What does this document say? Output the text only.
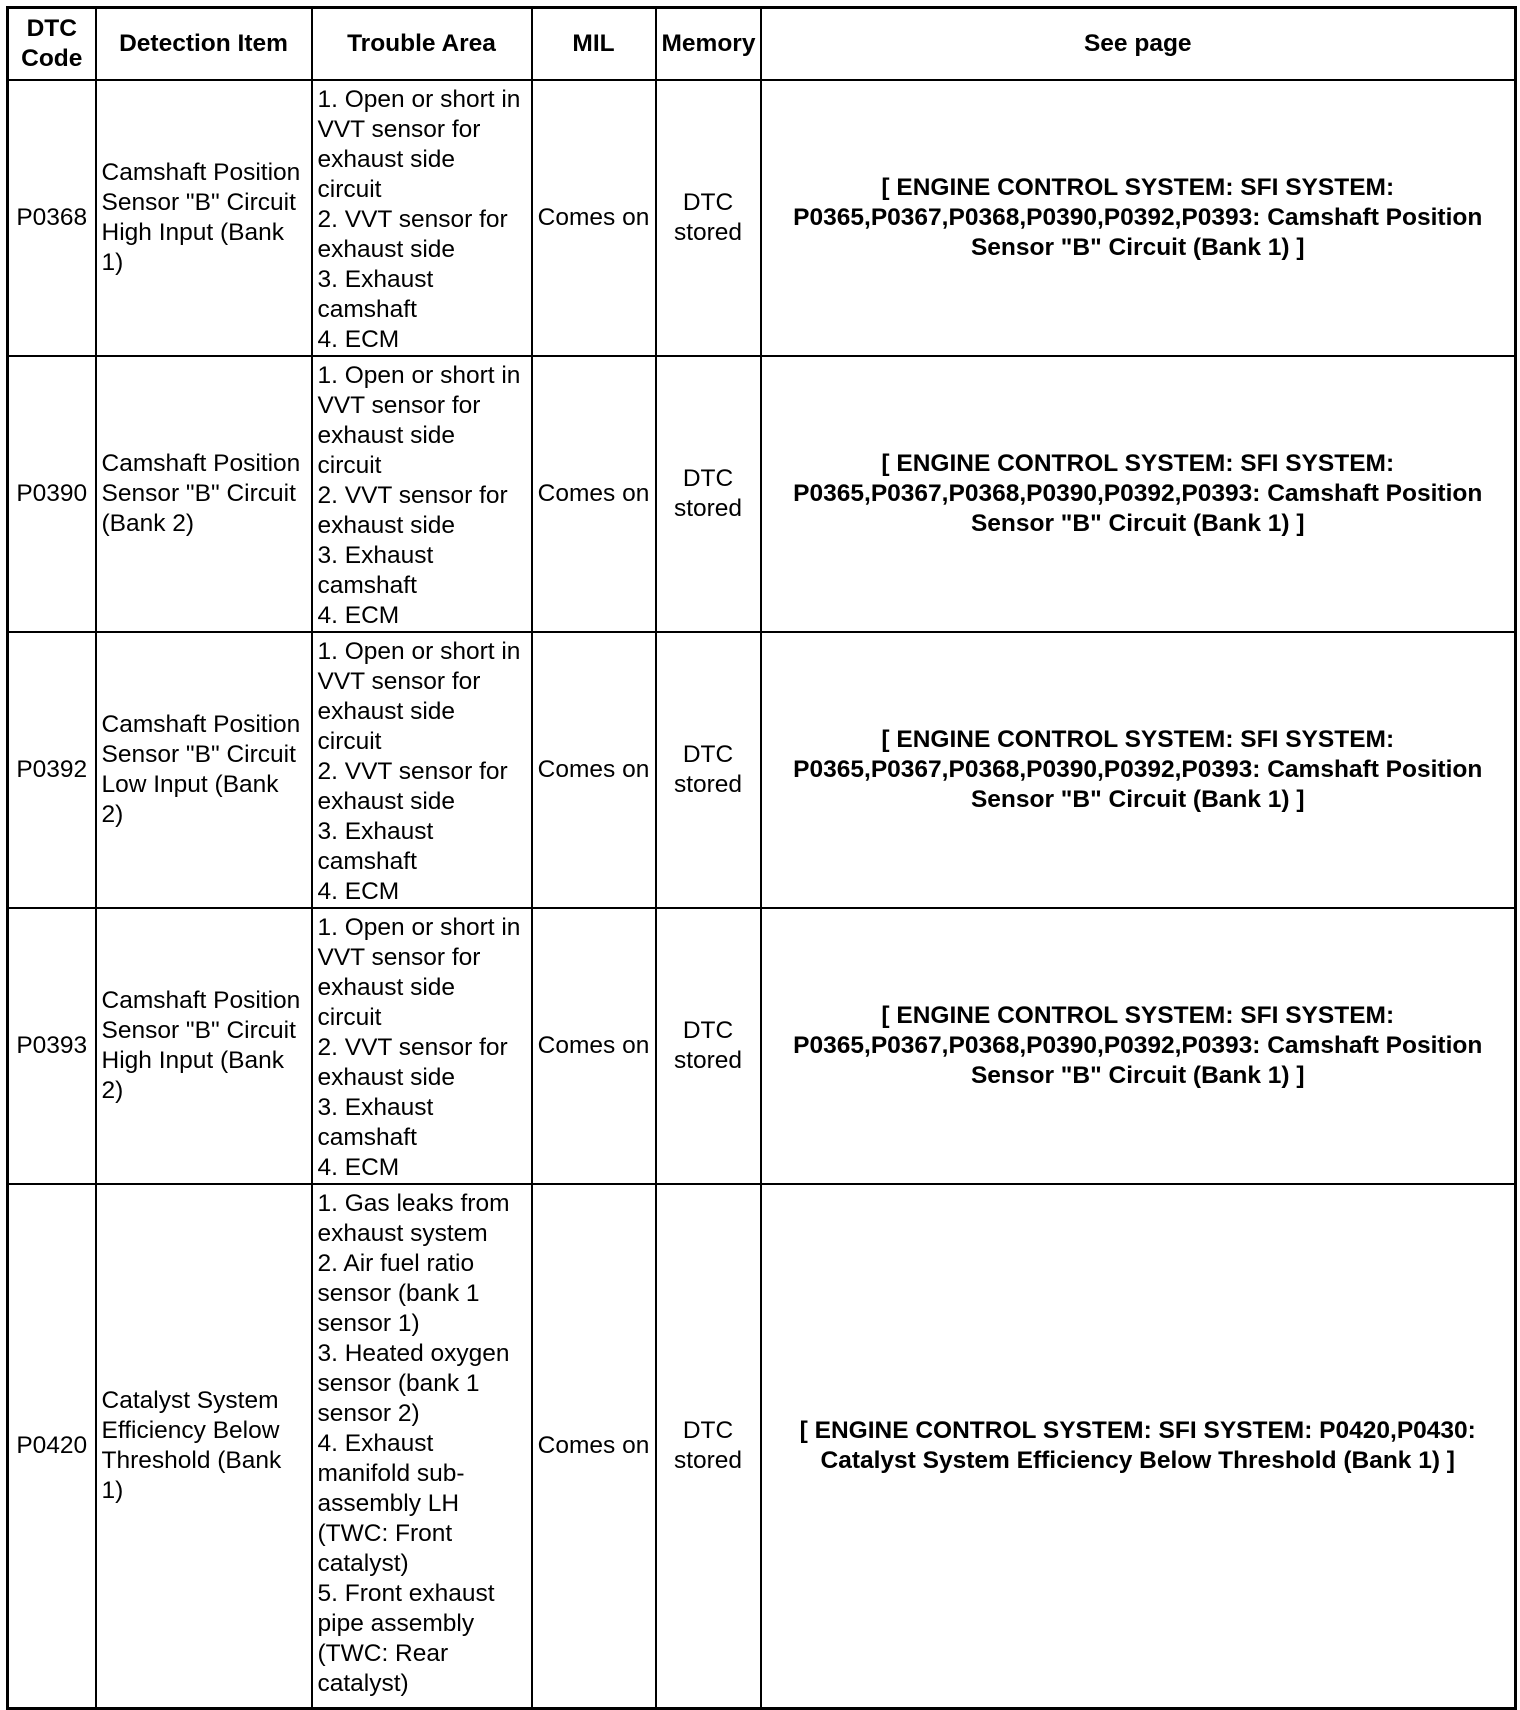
DTC
Code	Detection Item	Trouble Area	MIL	Memory	See page
P0368	Camshaft Position Sensor "B" Circuit High Input (Bank 1)	1. Open or short in VVT sensor for exhaust side circuit
2. VVT sensor for exhaust side
3. Exhaust camshaft
4. ECM	Comes on	DTC stored	[ ENGINE CONTROL SYSTEM: SFI SYSTEM: P0365,P0367,P0368,P0390,P0392,P0393: Camshaft Position Sensor "B" Circuit (Bank 1) ]
P0390	Camshaft Position Sensor "B" Circuit (Bank 2)	1. Open or short in VVT sensor for exhaust side circuit
2. VVT sensor for exhaust side
3. Exhaust camshaft
4. ECM	Comes on	DTC stored	[ ENGINE CONTROL SYSTEM: SFI SYSTEM: P0365,P0367,P0368,P0390,P0392,P0393: Camshaft Position Sensor "B" Circuit (Bank 1) ]
P0392	Camshaft Position Sensor "B" Circuit Low Input (Bank 2)	1. Open or short in VVT sensor for exhaust side circuit
2. VVT sensor for exhaust side
3. Exhaust camshaft
4. ECM	Comes on	DTC stored	[ ENGINE CONTROL SYSTEM: SFI SYSTEM: P0365,P0367,P0368,P0390,P0392,P0393: Camshaft Position Sensor "B" Circuit (Bank 1) ]
P0393	Camshaft Position Sensor "B" Circuit High Input (Bank 2)	1. Open or short in VVT sensor for exhaust side circuit
2. VVT sensor for exhaust side
3. Exhaust camshaft
4. ECM	Comes on	DTC stored	[ ENGINE CONTROL SYSTEM: SFI SYSTEM: P0365,P0367,P0368,P0390,P0392,P0393: Camshaft Position Sensor "B" Circuit (Bank 1) ]
P0420	Catalyst System Efficiency Below Threshold (Bank 1)	1. Gas leaks from exhaust system
2. Air fuel ratio sensor (bank 1 sensor 1)
3. Heated oxygen sensor (bank 1 sensor 2)
4. Exhaust manifold sub-assembly LH (TWC: Front catalyst)
5. Front exhaust pipe assembly (TWC: Rear catalyst)	Comes on	DTC stored	[ ENGINE CONTROL SYSTEM: SFI SYSTEM: P0420,P0430: Catalyst System Efficiency Below Threshold (Bank 1) ]
